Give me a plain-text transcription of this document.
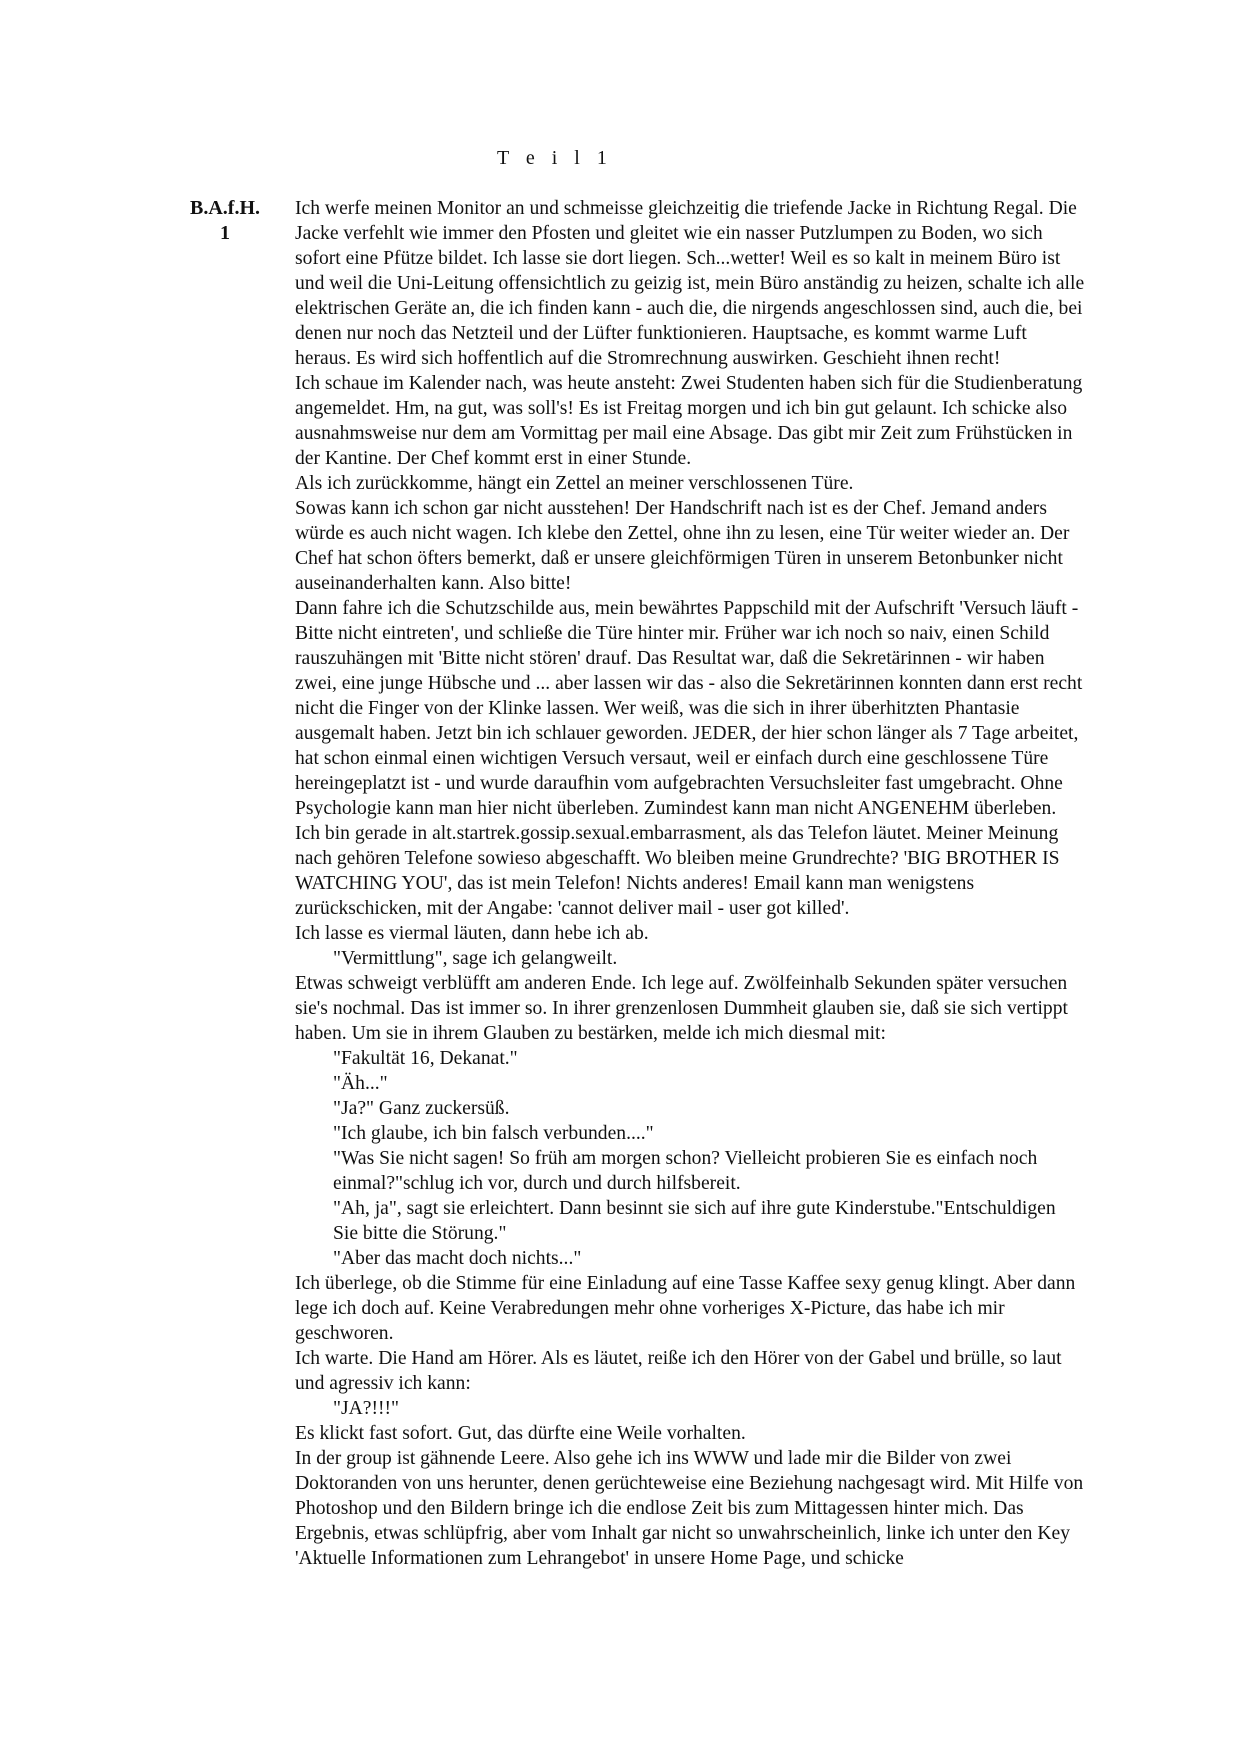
T e i l 1
B.A.f.H.
1

Ich werfe meinen Monitor an und schmeisse gleichzeitig die triefende Jacke in Richtung Regal. Die Jacke verfehlt wie immer den Pfosten und gleitet wie ein nasser Putzlumpen zu Boden, wo sich sofort eine Pfütze bildet. Ich lasse sie dort liegen. Sch...wetter! Weil es so kalt in meinem Büro ist und weil die Uni-Leitung offensichtlich zu geizig ist, mein Büro anständig zu heizen, schalte ich alle elektrischen Geräte an, die ich finden kann - auch die, die nirgends angeschlossen sind, auch die, bei denen nur noch das Netzteil und der Lüfter funktionieren. Hauptsache, es kommt warme Luft heraus. Es wird sich hoffentlich auf die Stromrechnung auswirken. Geschieht ihnen recht!

Ich schaue im Kalender nach, was heute ansteht: Zwei Studenten haben sich für die Studienberatung angemeldet. Hm, na gut, was soll's! Es ist Freitag morgen und ich bin gut gelaunt. Ich schicke also ausnahmsweise nur dem am Vormittag per mail eine Absage. Das gibt mir Zeit zum Frühstücken in der Kantine. Der Chef kommt erst in einer Stunde.

Als ich zurückkomme, hängt ein Zettel an meiner verschlossenen Türe.

Sowas kann ich schon gar nicht ausstehen! Der Handschrift nach ist es der Chef. Jemand anders würde es auch nicht wagen. Ich klebe den Zettel, ohne ihn zu lesen, eine Tür weiter wieder an. Der Chef hat schon öfters bemerkt, daß er unsere gleichförmigen Türen in unserem Betonbunker nicht auseinanderhalten kann. Also bitte!

Dann fahre ich die Schutzschilde aus, mein bewährtes Pappschild mit der Aufschrift 'Versuch läuft - Bitte nicht eintreten', und schließe die Türe hinter mir. Früher war ich noch so naiv, einen Schild rauszuhängen mit 'Bitte nicht stören' drauf. Das Resultat war, daß die Sekretärinnen - wir haben zwei, eine junge Hübsche und ... aber lassen wir das - also die Sekretärinnen konnten dann erst recht nicht die Finger von der Klinke lassen. Wer weiß, was die sich in ihrer überhitzten Phantasie ausgemalt haben. Jetzt bin ich schlauer geworden. JEDER, der hier schon länger als 7 Tage arbeitet, hat schon einmal einen wichtigen Versuch versaut, weil er einfach durch eine geschlossene Türe hereingeplatzt ist - und wurde daraufhin vom aufgebrachten Versuchsleiter fast umgebracht. Ohne Psychologie kann man hier nicht überleben. Zumindest kann man nicht ANGENEHM überleben.

Ich bin gerade in alt.startrek.gossip.sexual.embarrasment, als das Telefon läutet. Meiner Meinung nach gehören Telefone sowieso abgeschafft. Wo bleiben meine Grundrechte? 'BIG BROTHER IS WATCHING YOU', das ist mein Telefon! Nichts anderes! Email kann man wenigstens zurückschicken, mit der Angabe: 'cannot deliver mail - user got killed'.

Ich lasse es viermal läuten, dann hebe ich ab.

"Vermittlung", sage ich gelangweilt.

Etwas schweigt verblüfft am anderen Ende. Ich lege auf. Zwölfeinhalb Sekunden später versuchen sie's nochmal. Das ist immer so. In ihrer grenzenlosen Dummheit glauben sie, daß sie sich vertippt haben. Um sie in ihrem Glauben zu bestärken, melde ich mich diesmal mit:

"Fakultät 16, Dekanat."

"Äh..."

"Ja?" Ganz zuckersüß.

"Ich glaube, ich bin falsch verbunden...."

"Was Sie nicht sagen! So früh am morgen schon? Vielleicht probieren Sie es einfach noch einmal?"schlug ich vor, durch und durch hilfsbereit.

"Ah, ja", sagt sie erleichtert. Dann besinnt sie sich auf ihre gute Kinderstube."Entschuldigen Sie bitte die Störung."

"Aber das macht doch nichts..."

Ich überlege, ob die Stimme für eine Einladung auf eine Tasse Kaffee sexy genug klingt. Aber dann lege ich doch auf. Keine Verabredungen mehr ohne vorheriges X-Picture, das habe ich mir geschworen.

Ich warte. Die Hand am Hörer. Als es läutet, reiße ich den Hörer von der Gabel und brülle, so laut und agressiv ich kann:

"JA?!!!"

Es klickt fast sofort. Gut, das dürfte eine Weile vorhalten.

In der group ist gähnende Leere. Also gehe ich ins WWW und lade mir die Bilder von zwei Doktoranden von uns herunter, denen gerüchteweise eine Beziehung nachgesagt wird. Mit Hilfe von Photoshop und den Bildern bringe ich die endlose Zeit bis zum Mittagessen hinter mich. Das Ergebnis, etwas schlüpfrig, aber vom Inhalt gar nicht so unwahrscheinlich, linke ich unter den Key 'Aktuelle Informationen zum Lehrangebot' in unsere Home Page, und schicke
